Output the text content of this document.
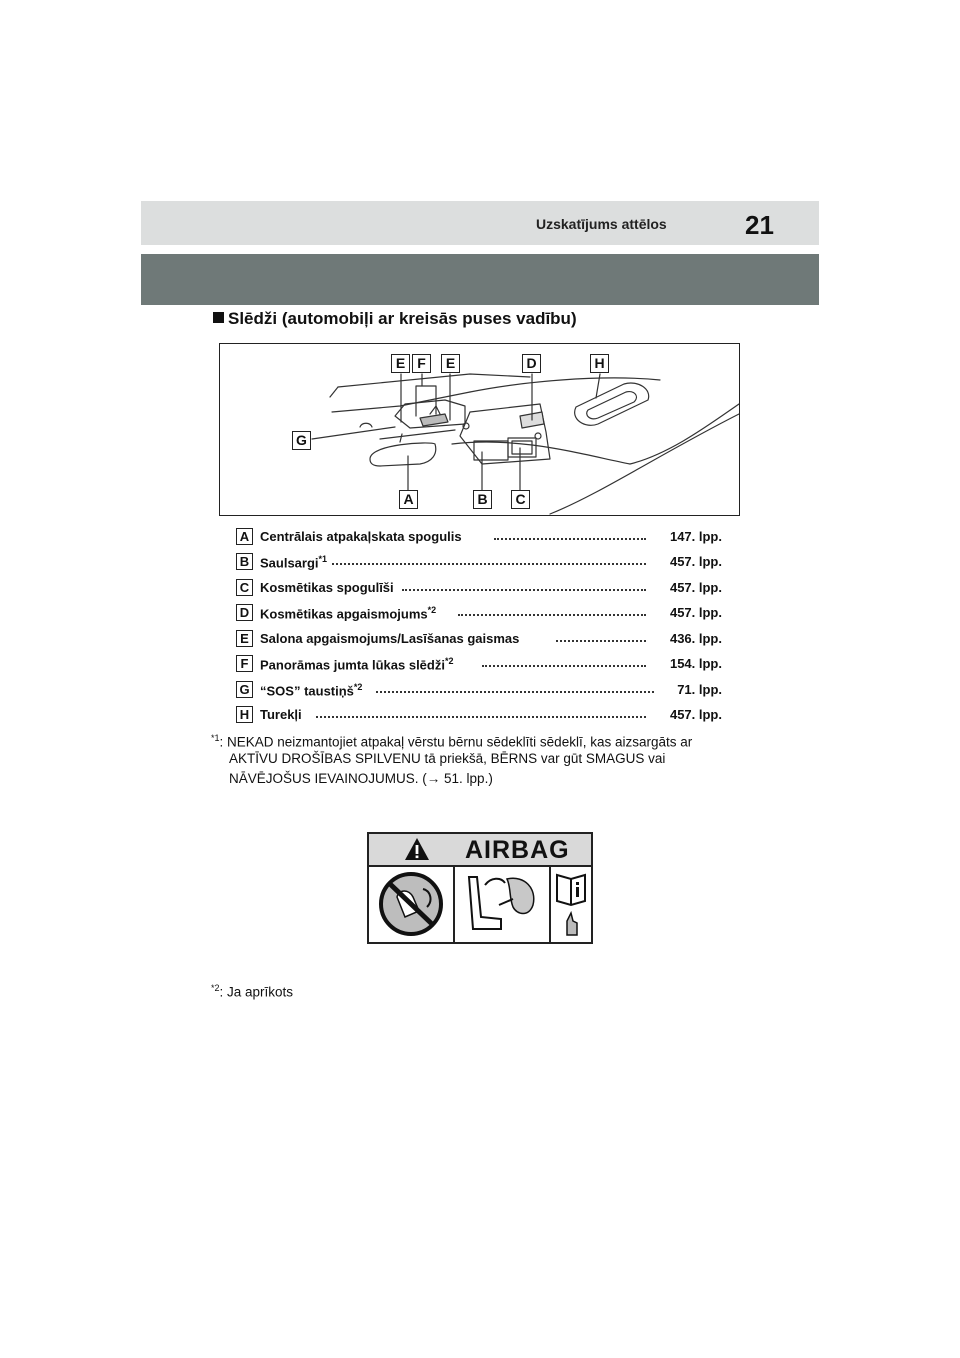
Uzskatījums attēlos	21
Slēdži (automobiļi ar kreisās puses vadību)
E F	E	D	H
G
A	B	C
A Centrālais atpakaļskata spogulis	147. lpp.
B Saulsargi$^{*1}$	457. lpp.
C Kosmētikas spogulīši	457. lpp.
D Kosmētikas apgaismojums$^{*2}$	457. lpp.
E Salona apgaismojums/Lasīšanas gaismas	436. lpp.
F Panorāmas jumta lūkas slēdži$^{*2}$	154. lpp.
G “SOS” taustiņš$^{*2}$	71. lpp.
H Turekļi	457. lpp.
$^{*1}$: NEKAD neizmantojiet atpakaļ vērstu bērnu sēdeklīti sēdeklī, kas aizsargāts ar
AKTĪVU DROŠĪBAS SPILVENU tā priekšā, BĒRNS var gūt SMAGUS vai
NĀVĒJOŠUS IEVAINOJUMUS. (→ 51. lpp.)
AIRBAG
$^{*2}$: Ja aprīkots
